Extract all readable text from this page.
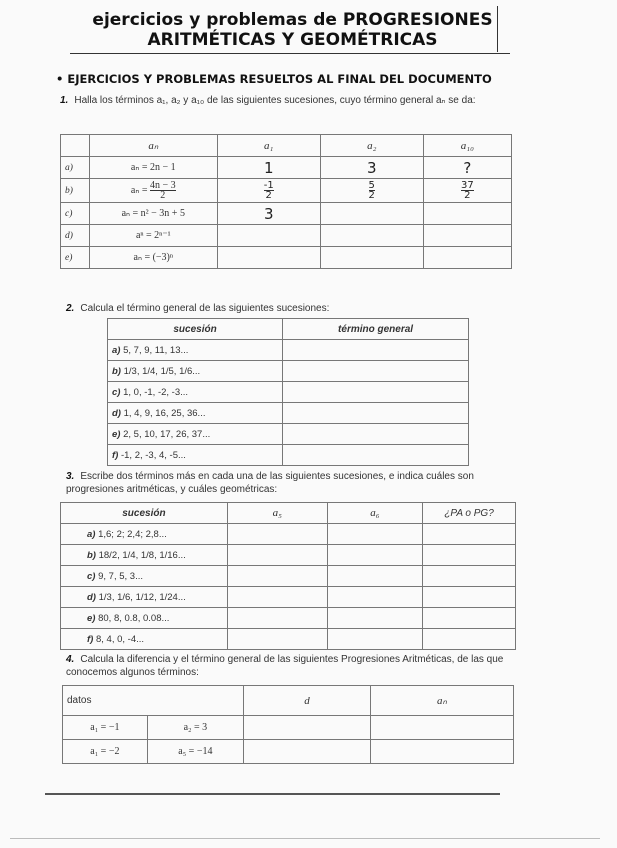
ejercicios y problemas de PROGRESIONES
ARITMÉTICAS Y GEOMÉTRICAS
• EJERCICIOS Y PROBLEMAS RESUELTOS AL FINAL DEL DOCUMENTO
1. Halla los términos a₁, a₂ y a₁₀ de las siguientes sucesiones, cuyo término general aₙ se da:
	aₙ	a₁	a₂	a₁₀
a)	aₙ = 2n − 1	1	3	?
b)	$a_n = \frac{4n - 3}{2}$	$\frac{-1}{2}$	$\frac{5}{2}$	$\frac{37}{2}$

c)	aₙ = n² − 3n + 5	3		
d)	aⁿ = 2ⁿ⁻¹			
e)	aₙ = (−3)ⁿ			
2. Calcula el término general de las siguientes sucesiones:
sucesión	término general
a) 5, 7, 9, 11, 13...	
b) 1/3, 1/4, 1/5, 1/6...	
c) 1, 0, -1, -2, -3...	
d) 1, 4, 9, 16, 25, 36...	
e) 2, 5, 10, 17, 26, 37...	
f) -1, 2, -3, 4, -5...	
3. Escribe dos términos más en cada una de las siguientes sucesiones, e indica cuáles son progresiones aritméticas, y cuáles geométricas:
sucesión	a₅	a₆	¿PA o PG?
a) 1,6; 2; 2,4; 2,8...			
b) 18/2, 1/4, 1/8, 1/16...			
c) 9, 7, 5, 3...			
d) 1/3, 1/6, 1/12, 1/24...			
e) 80, 8, 0.8, 0.08...			
f) 8, 4, 0, -4...			
4. Calcula la diferencia y el término general de las siguientes Progresiones Aritméticas, de las que conocemos algunos términos:
datos		d	aₙ
a₁ = −1	a₂ = 3		
a₁ = −2	a₅ = −14		
